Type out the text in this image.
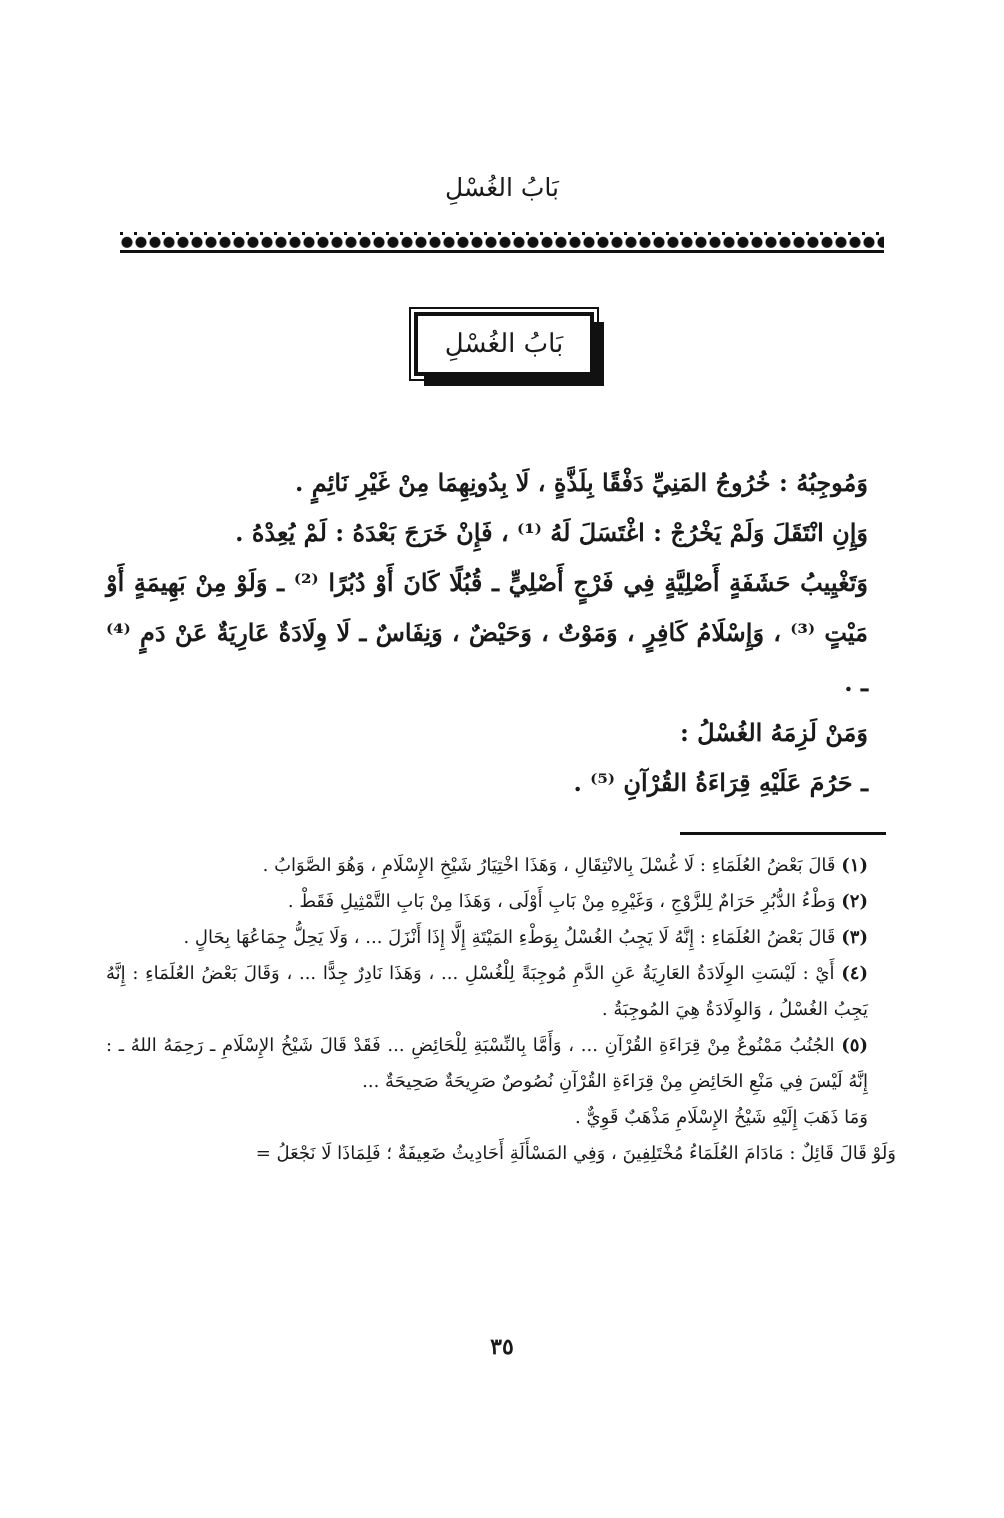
بَابُ الغُسْلِ
بَابُ الغُسْلِ

وَمُوجِبُهُ : خُرُوجُ المَنِيِّ دَفْقًا بِلَذَّةٍ ، لَا بِدُونِهِمَا مِنْ غَيْرِ نَائِمٍ .

وَإِنِ انْتَقَلَ وَلَمْ يَخْرُجْ : اغْتَسَلَ لَهُ ⁽¹⁾ ، فَإِنْ خَرَجَ بَعْدَهُ : لَمْ يُعِدْهُ .

وَتَغْيِيبُ حَشَفَةٍ أَصْلِيَّةٍ فِي فَرْجٍ أَصْلِيٍّ ـ قُبُلًا كَانَ أَوْ دُبُرًا ⁽²⁾ ـ وَلَوْ مِنْ بَهِيمَةٍ أَوْ مَيْتٍ ⁽³⁾ ، وَإِسْلَامُ كَافِرٍ ، وَمَوْتٌ ، وَحَيْضٌ ، وَنِفَاسٌ ـ لَا وِلَادَةٌ عَارِيَةٌ عَنْ دَمٍ ⁽⁴⁾ ـ .

وَمَنْ لَزِمَهُ الغُسْلُ :

ـ حَرُمَ عَلَيْهِ قِرَاءَةُ القُرْآنِ ⁽⁵⁾ .

(١) قَالَ بَعْضُ العُلَمَاءِ : لَا غُسْلَ بِالانْتِقَالِ ، وَهَذَا اخْتِيَارُ شَيْخِ الإِسْلَامِ ، وَهُوَ الصَّوَابُ .

(٢) وَطْءُ الدُّبُرِ حَرَامٌ لِلزَّوْجِ ، وَغَيْرِهِ مِنْ بَابِ أَوْلَى ، وَهَذَا مِنْ بَابِ التَّمْثِيلِ فَقَطْ .

(٣) قَالَ بَعْضُ العُلَمَاءِ : إِنَّهُ لَا يَجِبُ الغُسْلُ بِوَطْءِ المَيْتَةِ إِلَّا إِذَا أَنْزَلَ ... ، وَلَا يَحِلُّ جِمَاعُهَا بِحَالٍ .

(٤) أَيْ : لَيْسَتِ الوِلَادَةُ العَارِيَةُ عَنِ الدَّمِ مُوجِبَةً لِلْغُسْلِ ... ، وَهَذَا نَادِرٌ جِدًّا ... ، وَقَالَ بَعْضُ العُلَمَاءِ : إِنَّهُ يَجِبُ الغُسْلُ ، وَالوِلَادَةُ هِيَ المُوجِبَةُ .

(٥) الجُنُبُ مَمْنُوعٌ مِنْ قِرَاءَةِ القُرْآنِ ... ، وَأَمَّا بِالنِّسْبَةِ لِلْحَائِضِ ... فَقَدْ قَالَ شَيْخُ الإِسْلَامِ ـ رَحِمَهُ اللهُ ـ : إِنَّهُ لَيْسَ فِي مَنْعِ الحَائِضِ مِنْ قِرَاءَةِ القُرْآنِ نُصُوصٌ صَرِيحَةٌ صَحِيحَةٌ ...

وَمَا ذَهَبَ إِلَيْهِ شَيْخُ الإِسْلَامِ مَذْهَبٌ قَوِيٌّ .

وَلَوْ قَالَ قَائِلٌ : مَادَامَ العُلَمَاءُ مُخْتَلِفِينَ ، وَفِي المَسْأَلَةِ أَحَادِيثُ ضَعِيفَةٌ ؛ فَلِمَاذَا لَا نَجْعَلُ =

٣٥
